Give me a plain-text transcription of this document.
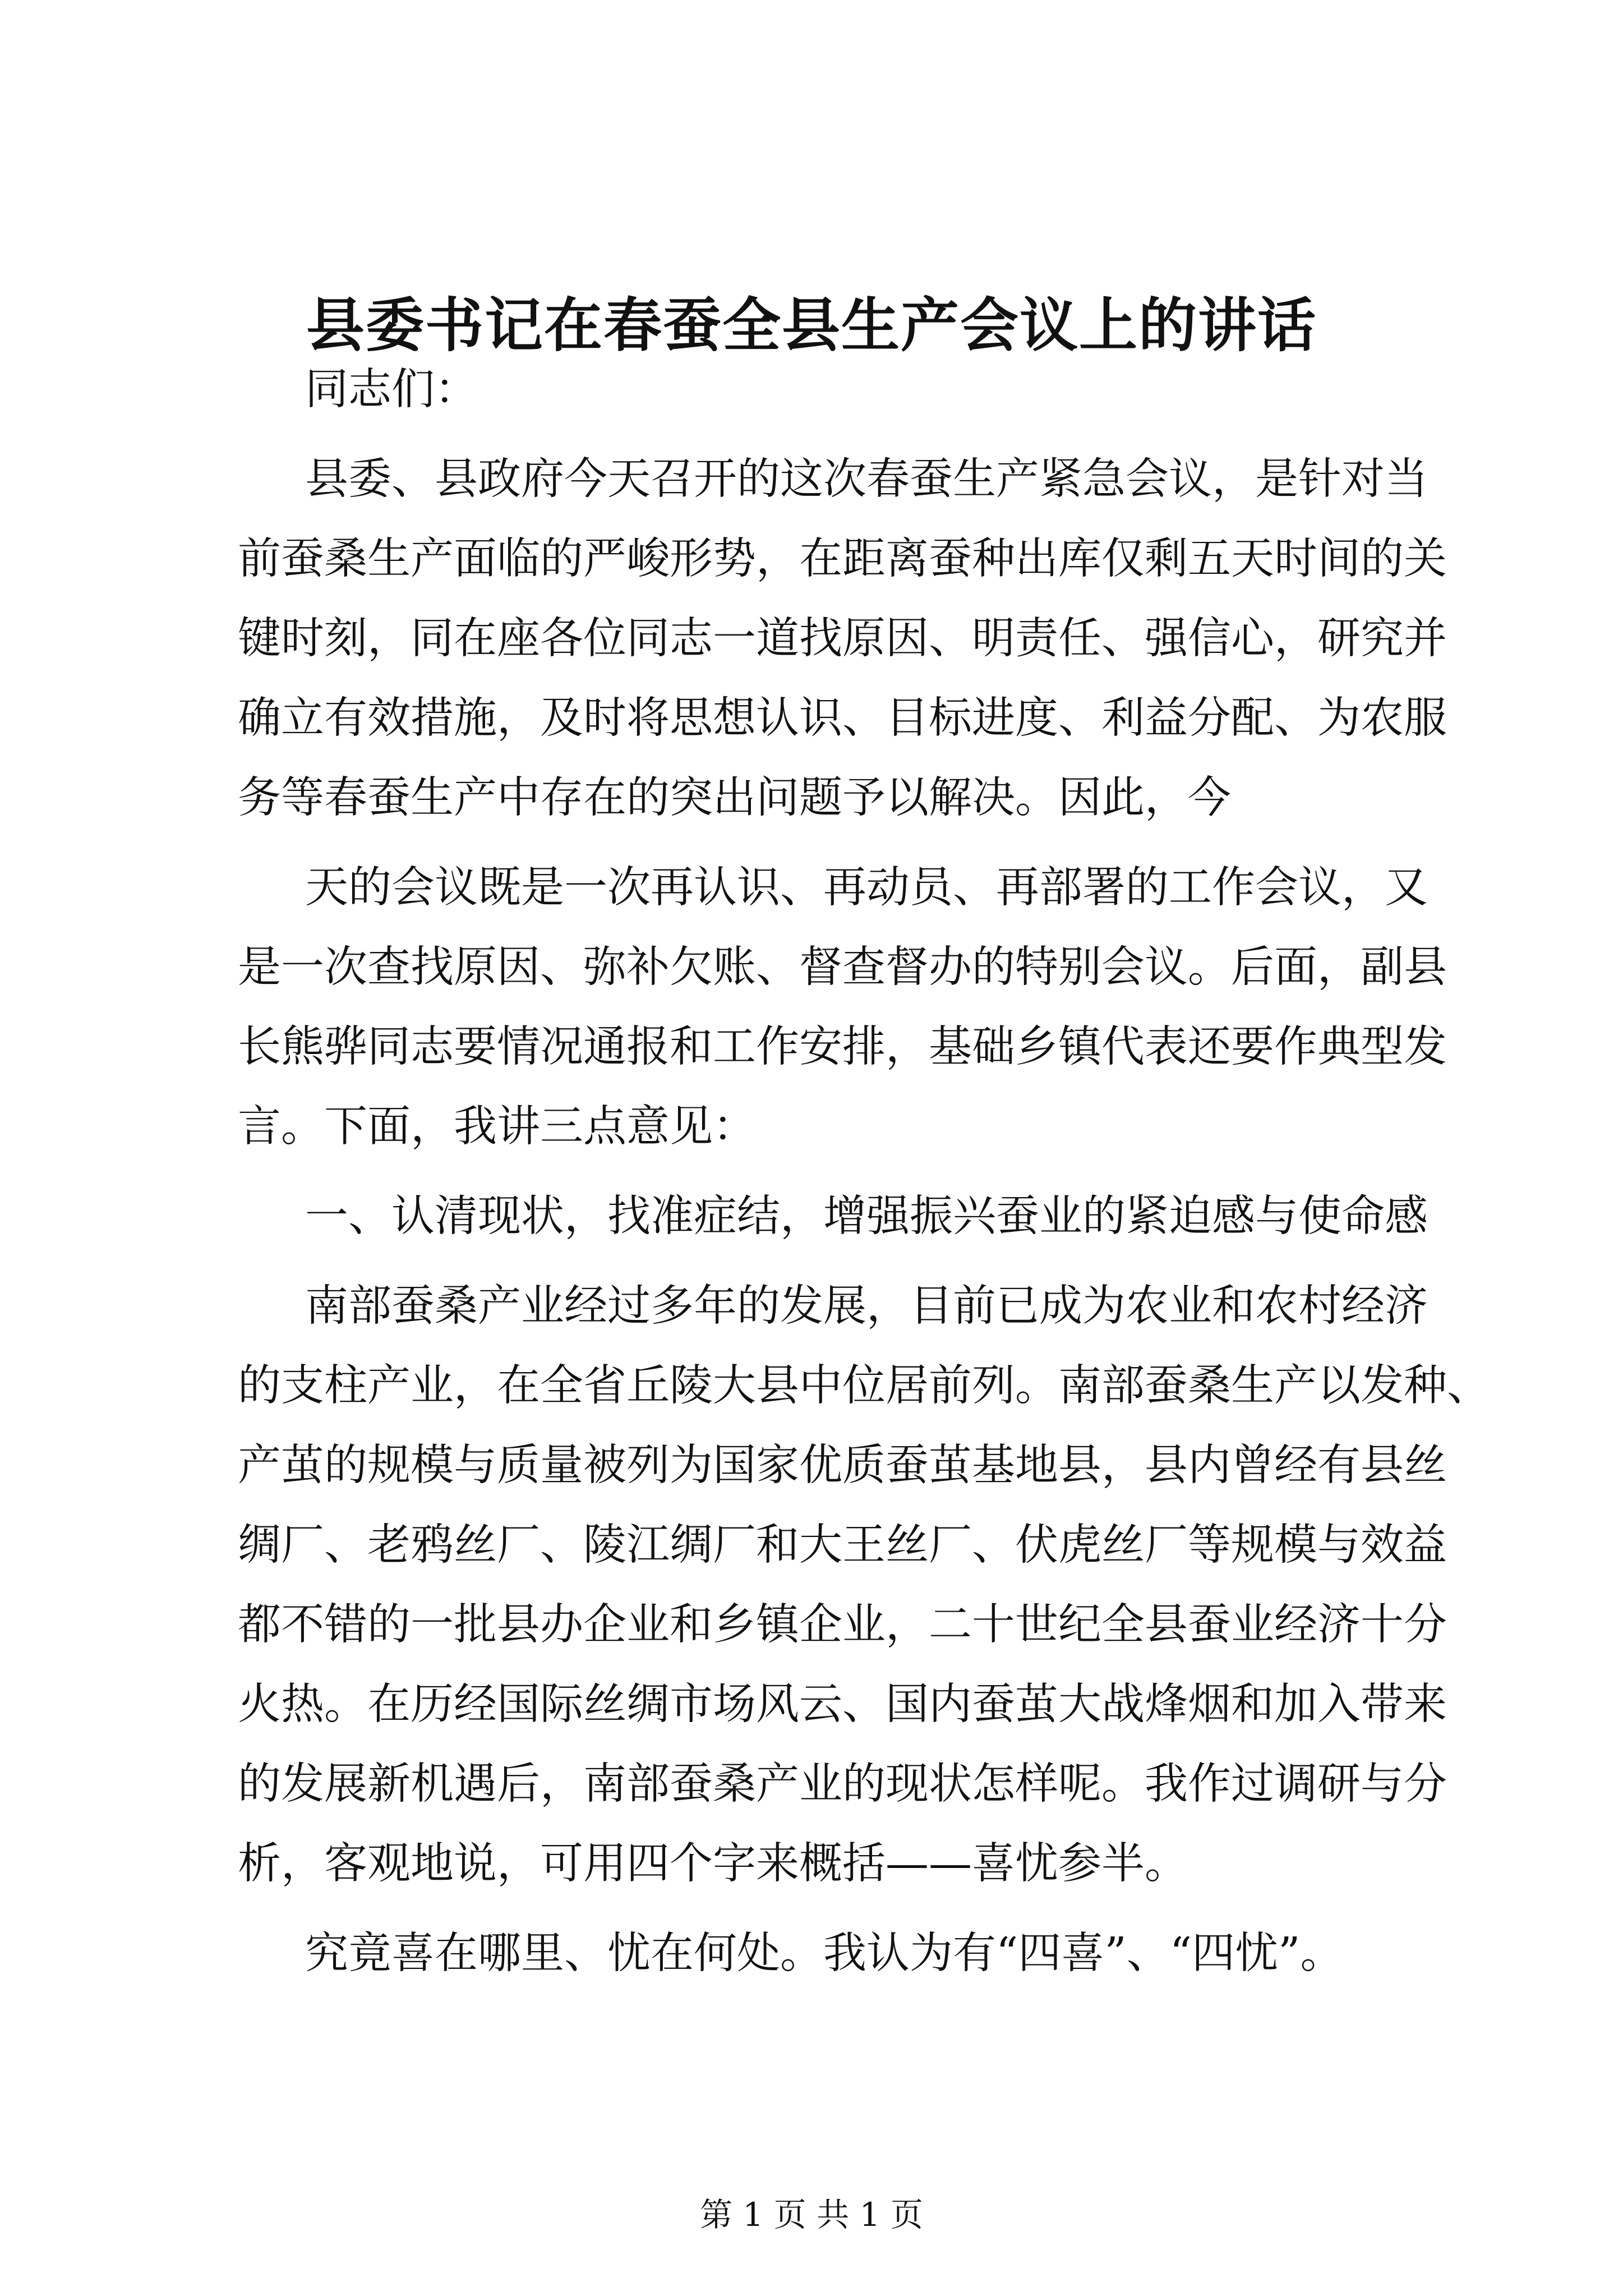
县委书记在春蚕全县生产会议上的讲话
同志们：
县委、县政府今天召开的这次春蚕生产紧急会议，是针对当
前蚕桑生产面临的严峻形势，在距离蚕种出库仅剩五天时间的关
键时刻，同在座各位同志一道找原因、明责任、强信心，研究并
确立有效措施，及时将思想认识、目标进度、利益分配、为农服
务等春蚕生产中存在的突出问题予以解决。因此，今
天的会议既是一次再认识、再动员、再部署的工作会议，又
是一次查找原因、弥补欠账、督查督办的特别会议。后面，副县
长熊骅同志要情况通报和工作安排，基础乡镇代表还要作典型发
言。下面，我讲三点意见：
一、认清现状，找准症结，增强振兴蚕业的紧迫感与使命感
南部蚕桑产业经过多年的发展，目前已成为农业和农村经济
的支柱产业，在全省丘陵大县中位居前列。南部蚕桑生产以发种、
产茧的规模与质量被列为国家优质蚕茧基地县，县内曾经有县丝
绸厂、老鸦丝厂、陵江绸厂和大王丝厂、伏虎丝厂等规模与效益
都不错的一批县办企业和乡镇企业，二十世纪全县蚕业经济十分
火热。在历经国际丝绸市场风云、国内蚕茧大战烽烟和加入带来
的发展新机遇后，南部蚕桑产业的现状怎样呢。我作过调研与分
析，客观地说，可用四个字来概括——喜忧参半。
究竟喜在哪里、忧在何处。我认为有“四喜”、“四忧”。
第 1 页 共 1 页
